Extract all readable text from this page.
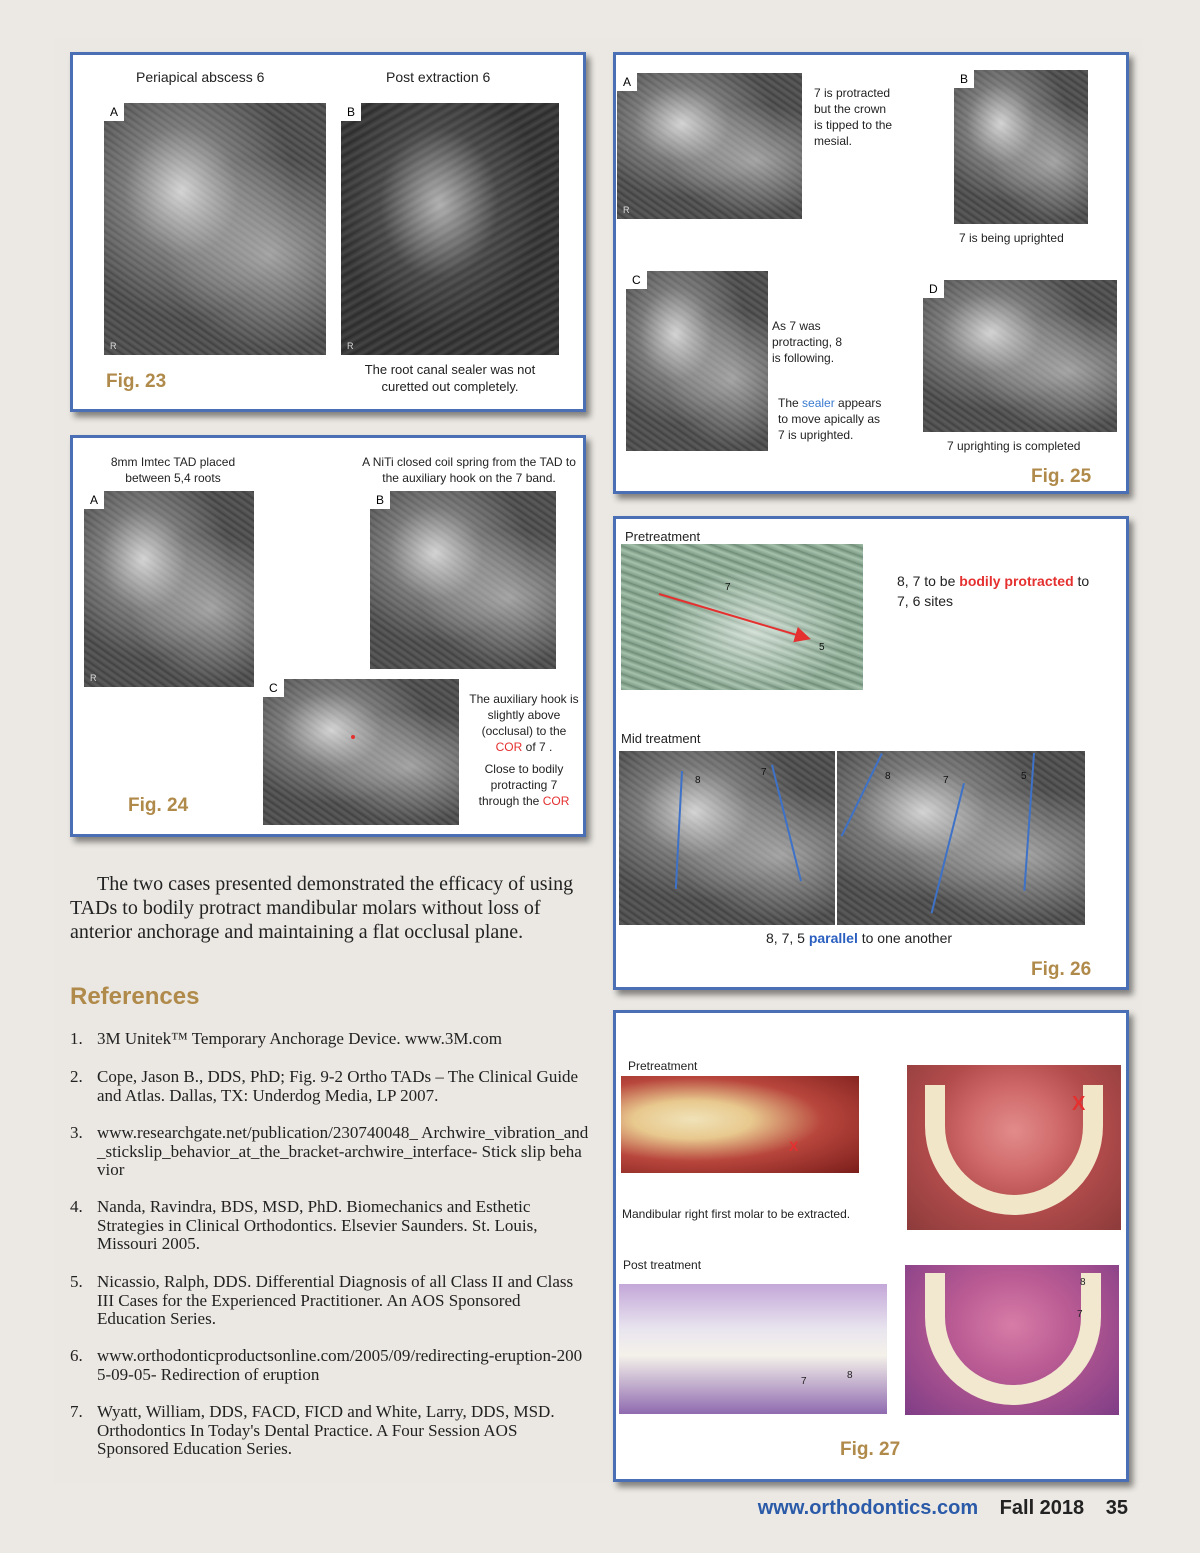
Periapical abscess 6	Post extraction 6
A
R
B
R
The root canal sealer was not
curetted out completely.
Fig. 23
8mm Imtec TAD placed
between 5,4 roots
A NiTi closed coil spring from the TAD to
the auxiliary hook on the 7 band.
A
R
B
C
The auxiliary hook is
slightly above
(occlusal) to the
COR of 7 .
Close to bodily
protracting 7
through the COR
Fig. 24
A
R
7 is protracted
but the crown
is tipped to the
mesial.
B
7 is being uprighted
C
As 7 was
protracting, 8
is following.
The sealer appears
to move apically as
7 is uprighted.
D
7 uprighting is completed
Fig. 25
Pretreatment
7
5
8, 7 to be bodily protracted to
7, 6 sites
Mid treatment
8
7	8	7	5
8, 7, 5 parallel to one another
Fig. 26
Pretreatment
X
Mandibular right first molar to be extracted.
X
Post treatment
7
8
8
7
Fig. 27
The two cases presented demonstrated the efficacy of using TADs to bodily protract mandibular molars without loss of anterior anchorage and maintaining a flat occlusal plane.
References
1. 3M Unitek™ Temporary Anchorage Device. www.3M.com
2. Cope, Jason B., DDS, PhD; Fig. 9-2 Ortho TADs – The Clinical Guide and Atlas. Dallas, TX: Underdog Media, LP 2007.
3. www.researchgate.net/publication/230740048_ Archwire_vibration_and_stickslip_behavior_at_the_bracket-archwire_interface- Stick slip behavior
4. Nanda, Ravindra, BDS, MSD, PhD. Biomechanics and Esthetic Strategies in Clinical Orthodontics. Elsevier Saunders. St. Louis, Missouri 2005.
5. Nicassio, Ralph, DDS. Differential Diagnosis of all Class II and Class III Cases for the Experienced Practitioner. An AOS Sponsored Education Series.
6. www.orthodonticproductsonline.com/2005/09/redirecting-eruption-2005-09-05- Redirection of eruption
7. Wyatt, William, DDS, FACD, FICD and White, Larry, DDS, MSD. Orthodontics In Today's Dental Practice. A Four Session AOS Sponsored Education Series.
www.orthodontics.com Fall 2018 35
